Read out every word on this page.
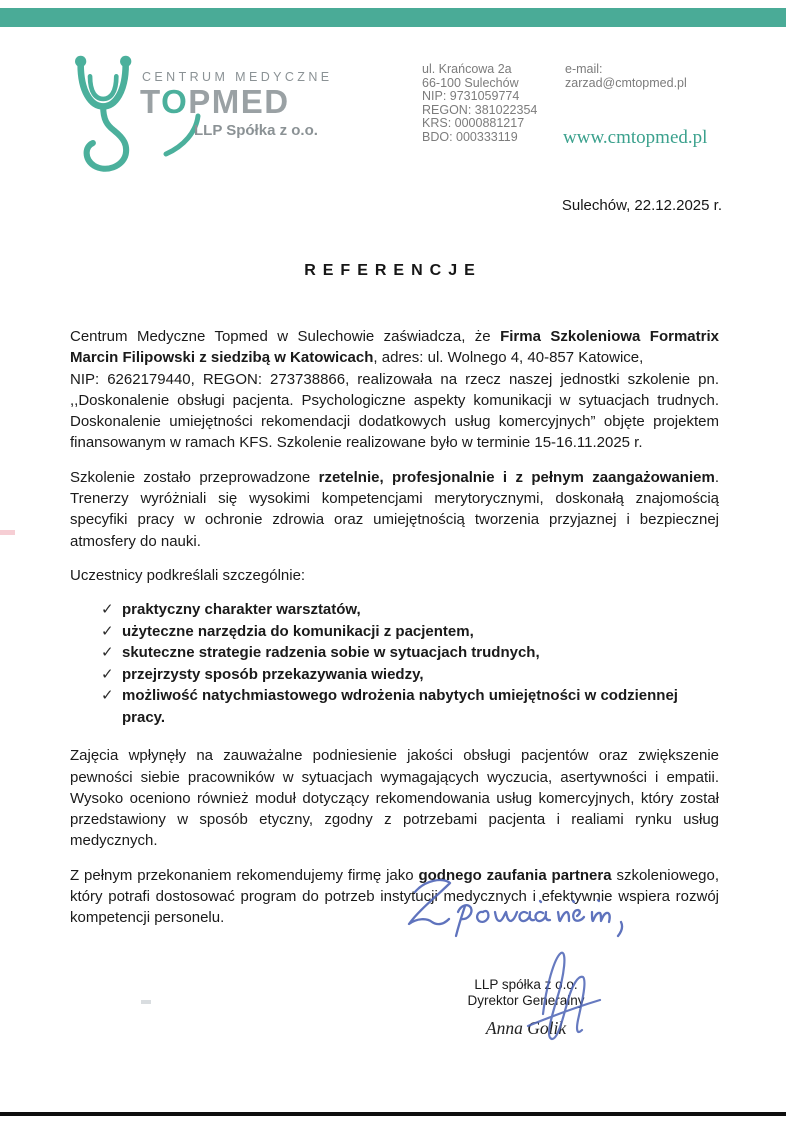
CENTRUM MEDYCZNE
TOPMED
LLP Spółka z o.o.
ul. Krańcowa 2a
66-100 Sulechów
NIP: 9731059774
REGON: 381022354
KRS: 0000881217
BDO: 000333119
e-mail:
zarzad@cmtopmed.pl
www.cmtopmed.pl
Sulechów, 22.12.2025 r.
REFERENCJE

Centrum Medyczne Topmed w Sulechowie zaświadcza, że Firma Szkoleniowa Formatrix Marcin Filipowski z siedzibą w Katowicach, adres: ul. Wolnego 4, 40-857 Katowice,
NIP: 6262179440, REGON: 273738866, realizowała na rzecz naszej jednostki szkolenie pn. ,,Doskonalenie obsługi pacjenta. Psychologiczne aspekty komunikacji w sytuacjach trudnych. Doskonalenie umiejętności rekomendacji dodatkowych usług komercyjnych” objęte projektem finansowanym w ramach KFS. Szkolenie realizowane było w terminie 15-16.11.2025 r.

Szkolenie zostało przeprowadzone rzetelnie, profesjonalnie i z pełnym zaangażowaniem. Trenerzy wyróżniali się wysokimi kompetencjami merytorycznymi, doskonałą znajomością specyfiki pracy w ochronie zdrowia oraz umiejętnością tworzenia przyjaznej i bezpiecznej atmosfery do nauki.

Uczestnicy podkreślali szczególnie:

✓ praktyczny charakter warsztatów,
✓ użyteczne narzędzia do komunikacji z pacjentem,
✓ skuteczne strategie radzenia sobie w sytuacjach trudnych,
✓ przejrzysty sposób przekazywania wiedzy,
✓ możliwość natychmiastowego wdrożenia nabytych umiejętności w codziennej pracy.

Zajęcia wpłynęły na zauważalne podniesienie jakości obsługi pacjentów oraz zwiększenie pewności siebie pracowników w sytuacjach wymagających wyczucia, asertywności i empatii. Wysoko oceniono również moduł dotyczący rekomendowania usług komercyjnych, który został przedstawiony w sposób etyczny, zgodny z potrzebami pacjenta i realiami rynku usług medycznych.

Z pełnym przekonaniem rekomendujemy firmę jako godnego zaufania partnera szkoleniowego, który potrafi dostosować program do potrzeb instytucji medycznych i efektywnie wspiera rozwój kompetencji personelu.

LLP spółka z o.o.
Dyrektor Generalny
Anna Golik
